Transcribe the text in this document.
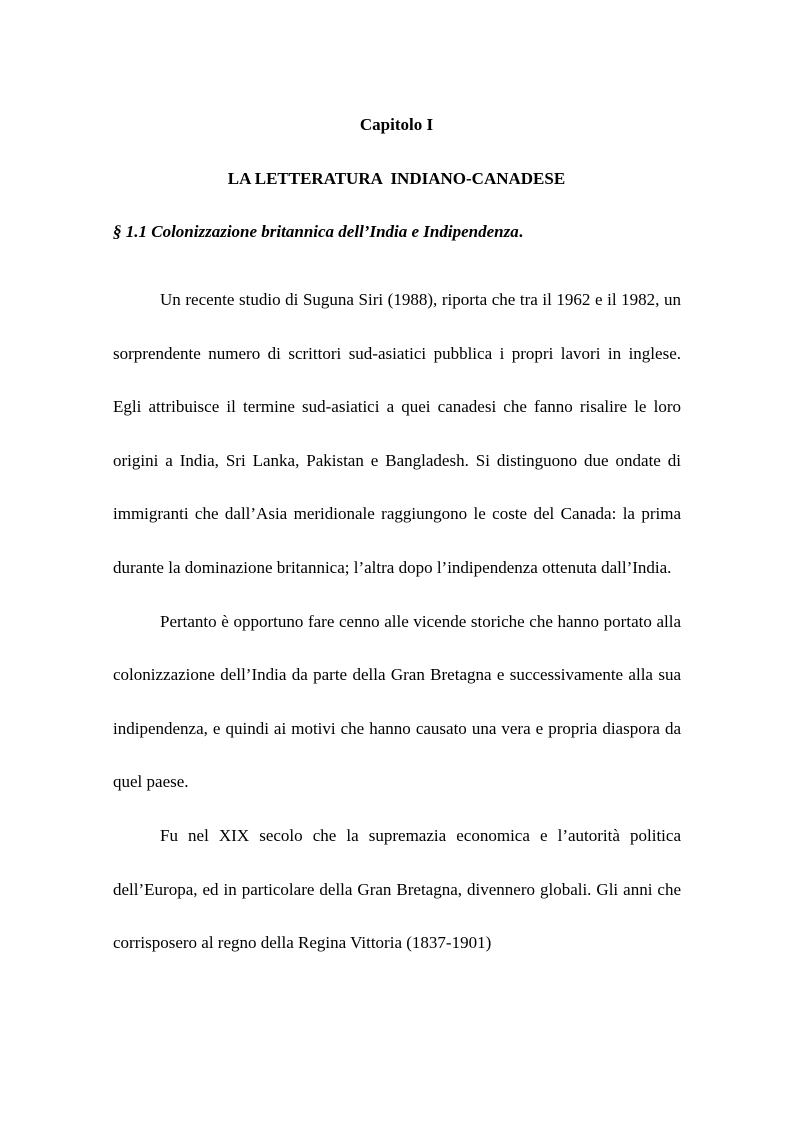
Capitolo I
LA LETTERATURA  INDIANO-CANADESE
§ 1.1 Colonizzazione britannica dell’India e Indipendenza.

Un recente studio di Suguna Siri (1988), riporta che tra il 1962 e il 1982, un sorprendente numero di scrittori sud-asiatici pubblica i propri lavori in inglese. Egli attribuisce il termine sud-asiatici a quei canadesi che fanno risalire le loro origini a India, Sri Lanka, Pakistan e Bangladesh. Si distinguono due ondate di immigranti che dall’Asia meridionale raggiungono le coste del Canada: la prima durante la dominazione britannica; l’altra dopo l’indipendenza ottenuta dall’India.

Pertanto è opportuno fare cenno alle vicende storiche che hanno portato alla colonizzazione dell’India da parte della Gran Bretagna e successivamente alla sua indipendenza, e quindi ai motivi che hanno causato una vera e propria diaspora da quel paese.

Fu nel XIX secolo che la supremazia economica e l’autorità politica dell’Europa, ed in particolare della Gran Bretagna, divennero globali. Gli anni che corrisposero al regno della Regina Vittoria (1837-1901)
